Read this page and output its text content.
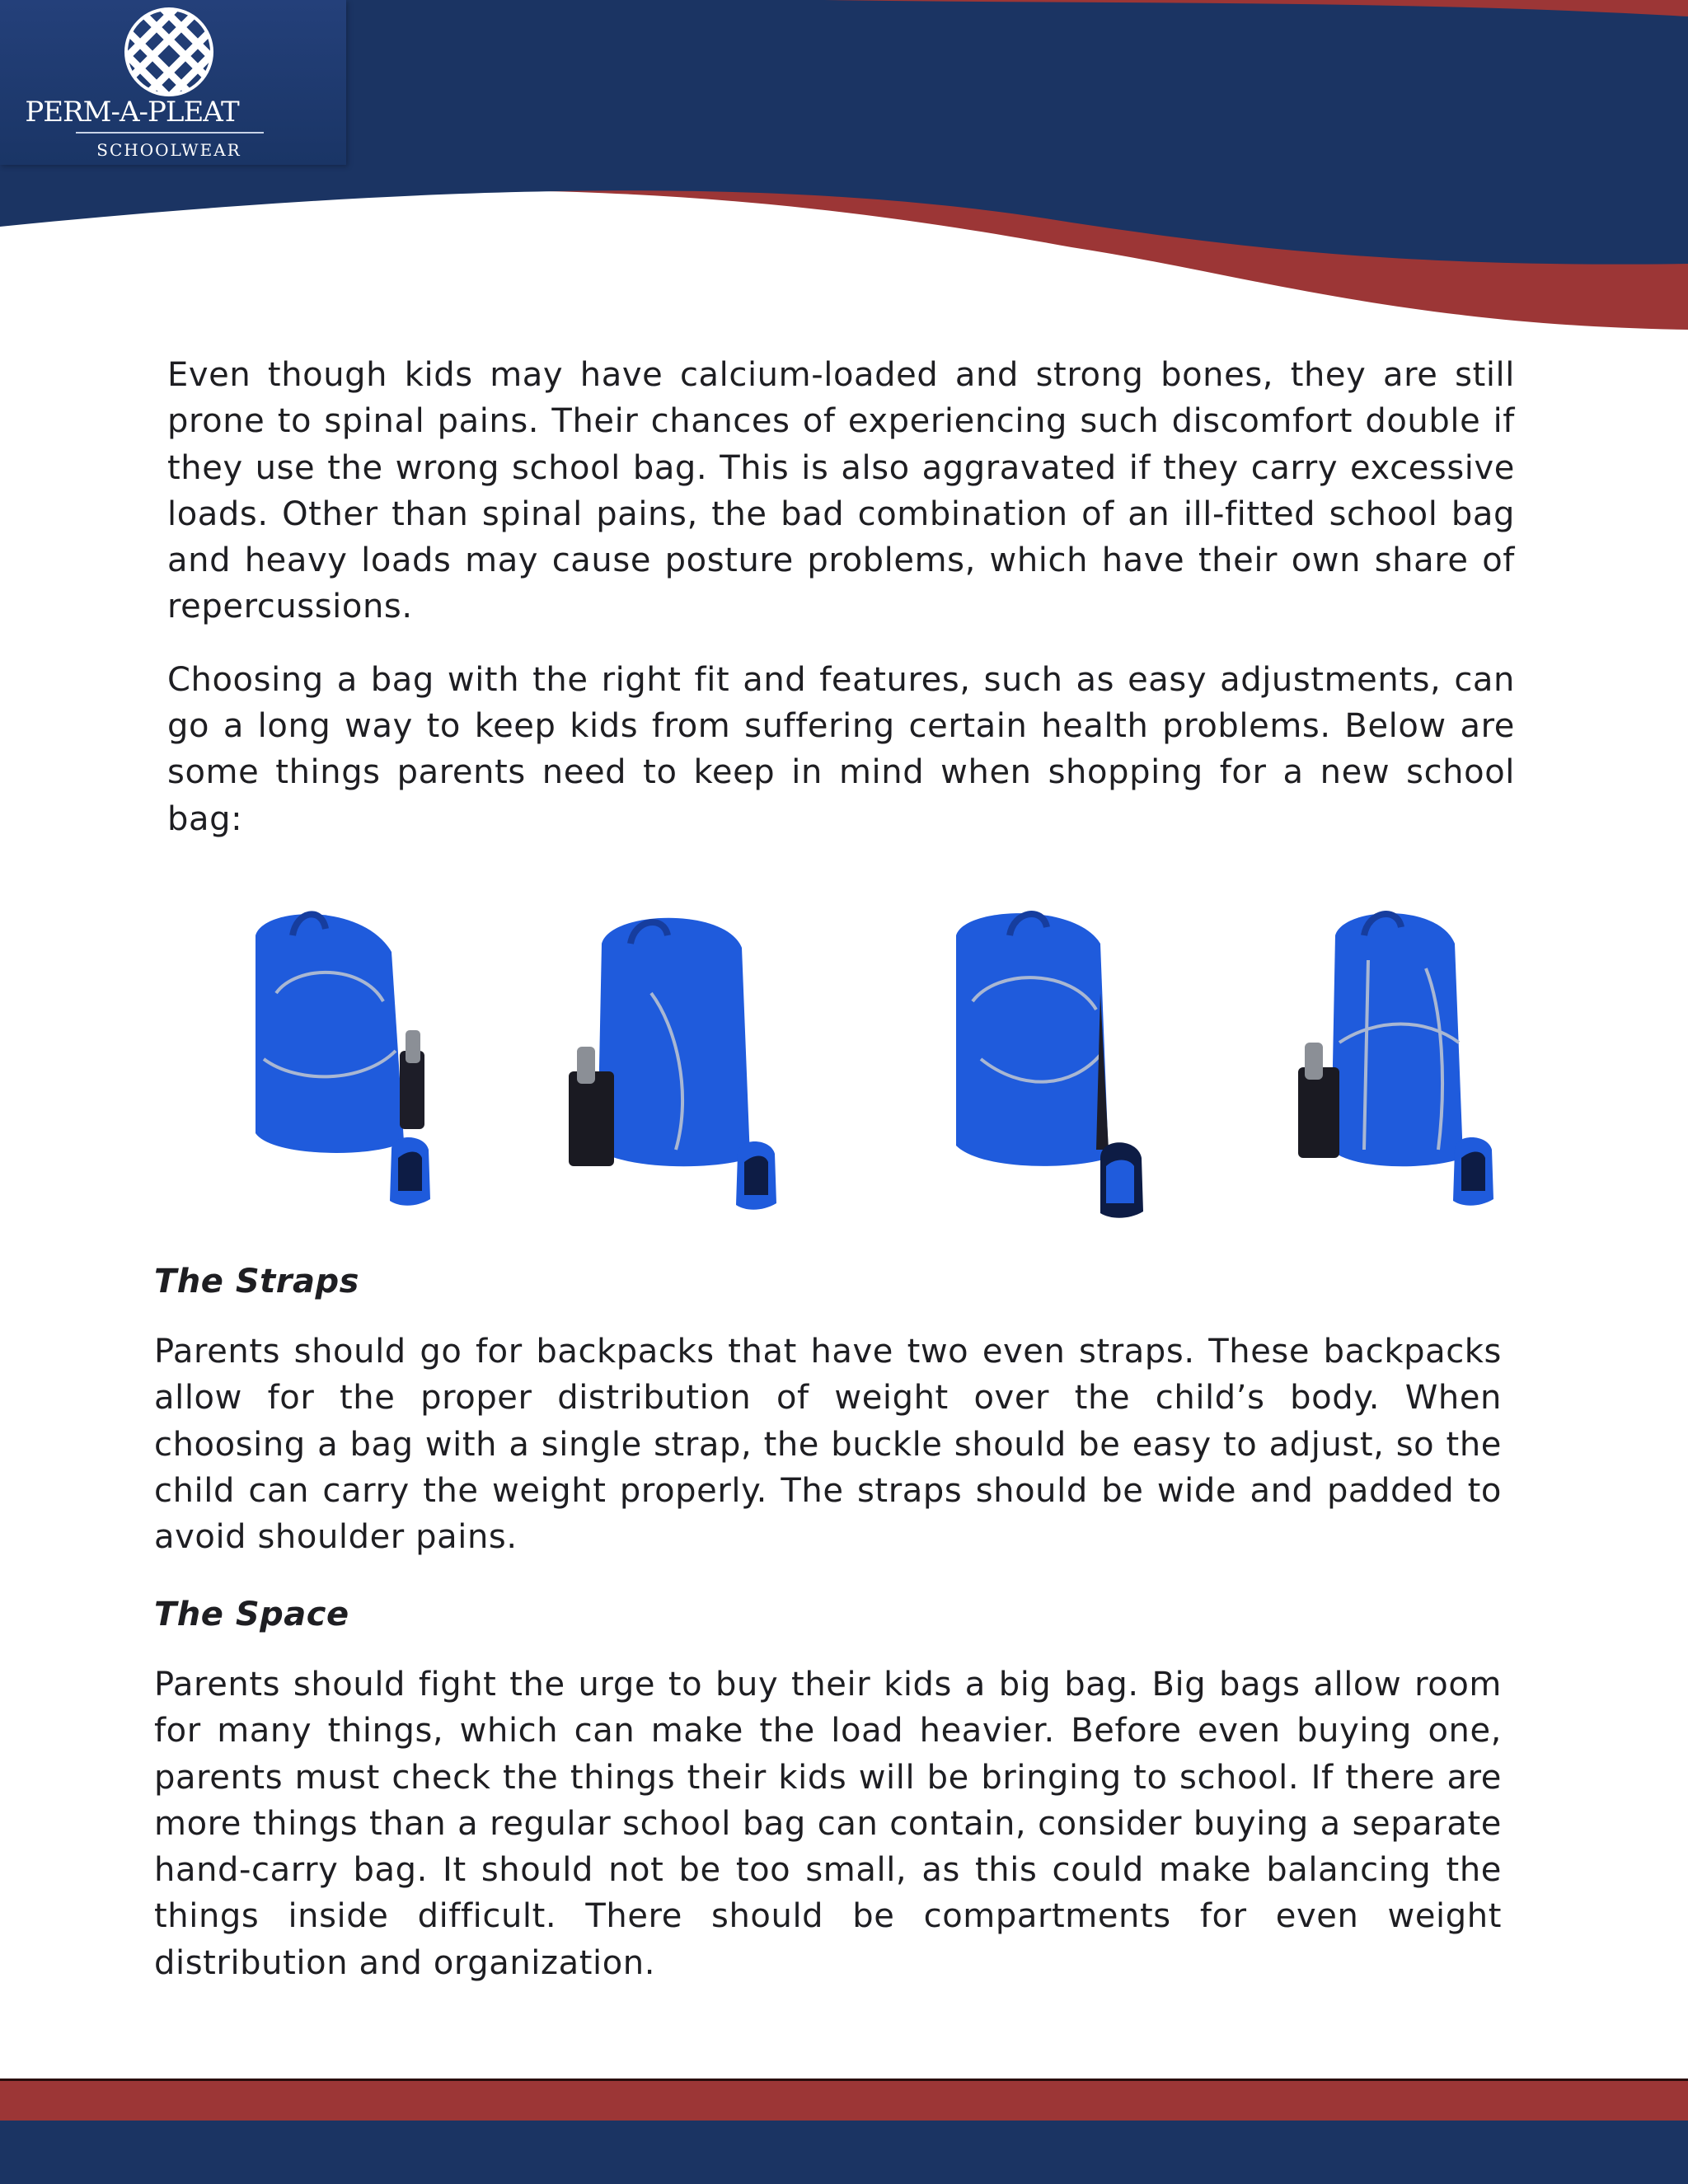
PERM-A-PLEAT
SCHOOLWEAR

Even though kids may have calcium-loaded and strong bones, they are still prone to spinal pains. Their chances of experiencing such discomfort double if they use the wrong school bag. This is also aggravated if they carry excessive loads. Other than spinal pains, the bad combination of an ill-fitted school bag and heavy loads may cause posture problems, which have their own share of repercussions.

Choosing a bag with the right fit and features, such as easy adjustments, can go a long way to keep kids from suffering certain health problems. Below are some things parents need to keep in mind when shopping for a new school bag:

The Straps

Parents should go for backpacks that have two even straps. These backpacks allow for the proper distribution of weight over the child’s body. When choosing a bag with a single strap, the buckle should be easy to adjust, so the child can carry the weight properly. The straps should be wide and padded to avoid shoulder pains.

The Space

Parents should fight the urge to buy their kids a big bag. Big bags allow room for many things, which can make the load heavier. Before even buying one, parents must check the things their kids will be bringing to school. If there are more things than a regular school bag can contain, consider buying a separate hand-carry bag. It should not be too small, as this could make balancing the things inside difficult. There should be compartments for even weight distribution and organization.
